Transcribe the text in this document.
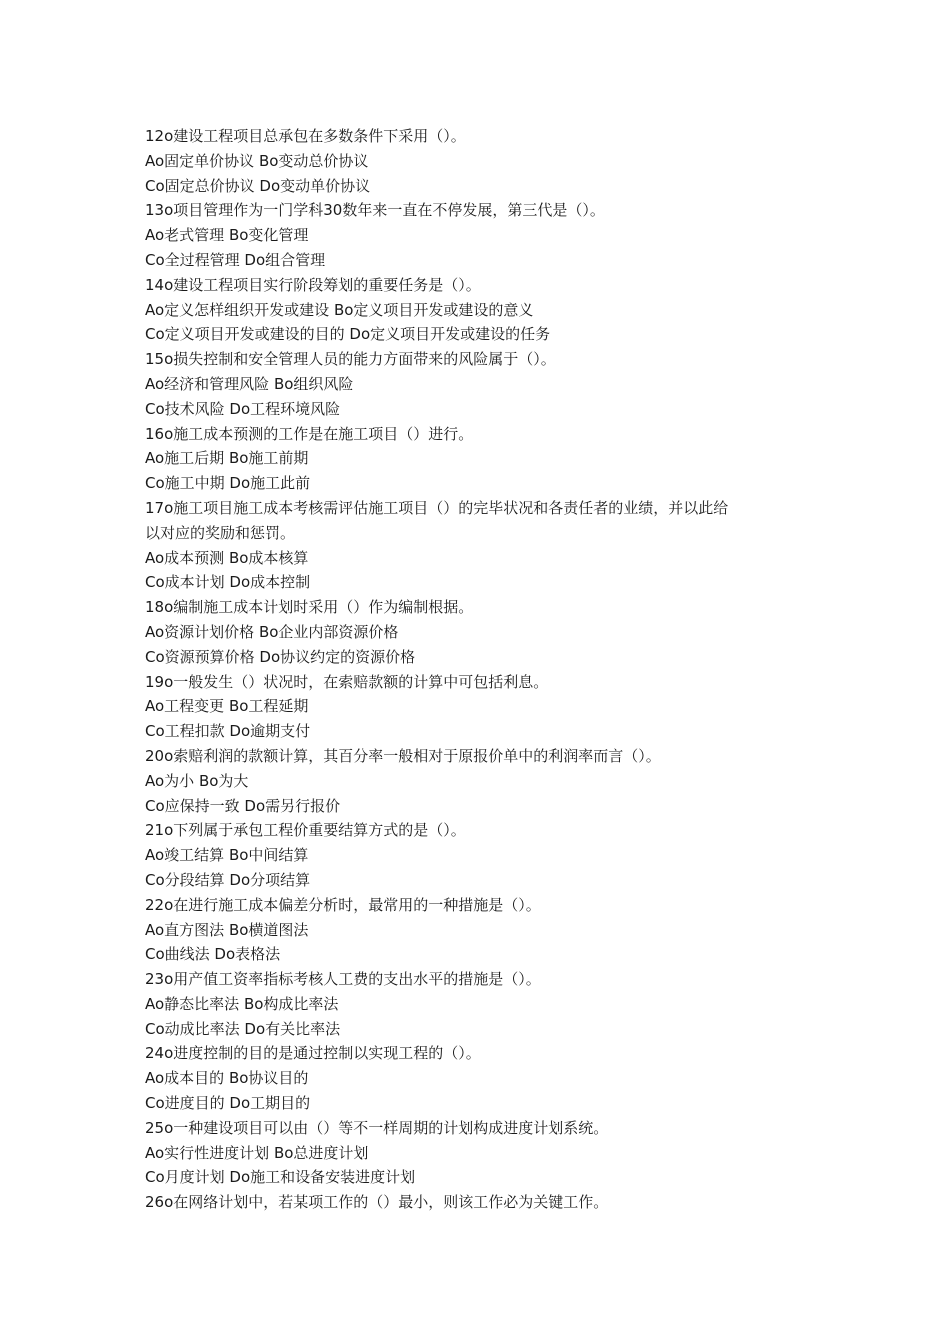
12o建设工程项目总承包在多数条件下采用（）。
Ao固定单价协议 Bo变动总价协议
Co固定总价协议 Do变动单价协议
13o项目管理作为一门学科30数年来一直在不停发展，第三代是（）。
Ao老式管理 Bo变化管理
Co全过程管理 Do组合管理
14o建设工程项目实行阶段筹划的重要任务是（）。
Ao定义怎样组织开发或建设 Bo定义项目开发或建设的意义
Co定义项目开发或建设的目的 Do定义项目开发或建设的任务
15o损失控制和安全管理人员的能力方面带来的风险属于（）。
Ao经济和管理风险 Bo组织风险
Co技术风险 Do工程环境风险
16o施工成本预测的工作是在施工项目（）进行。
Ao施工后期 Bo施工前期
Co施工中期 Do施工此前
17o施工项目施工成本考核需评估施工项目（）的完毕状况和各责任者的业绩，并以此给
以对应的奖励和惩罚。
Ao成本预测 Bo成本核算
Co成本计划 Do成本控制
18o编制施工成本计划时采用（）作为编制根据。
Ao资源计划价格 Bo企业内部资源价格
Co资源预算价格 Do协议约定的资源价格
19o一般发生（）状况时，在索赔款额的计算中可包括利息。
Ao工程变更 Bo工程延期
Co工程扣款 Do逾期支付
20o索赔利润的款额计算，其百分率一般相对于原报价单中的利润率而言（）。
Ao为小 Bo为大
Co应保持一致 Do需另行报价
21o下列属于承包工程价重要结算方式的是（）。
Ao竣工结算 Bo中间结算
Co分段结算 Do分项结算
22o在进行施工成本偏差分析时，最常用的一种措施是（）。
Ao直方图法 Bo横道图法
Co曲线法 Do表格法
23o用产值工资率指标考核人工费的支出水平的措施是（）。
Ao静态比率法 Bo构成比率法
Co动成比率法 Do有关比率法
24o进度控制的目的是通过控制以实现工程的（）。
Ao成本目的 Bo协议目的
Co进度目的 Do工期目的
25o一种建设项目可以由（）等不一样周期的计划构成进度计划系统。
Ao实行性进度计划 Bo总进度计划
Co月度计划 Do施工和设备安装进度计划
26o在网络计划中，若某项工作的（）最小，则该工作必为关键工作。
